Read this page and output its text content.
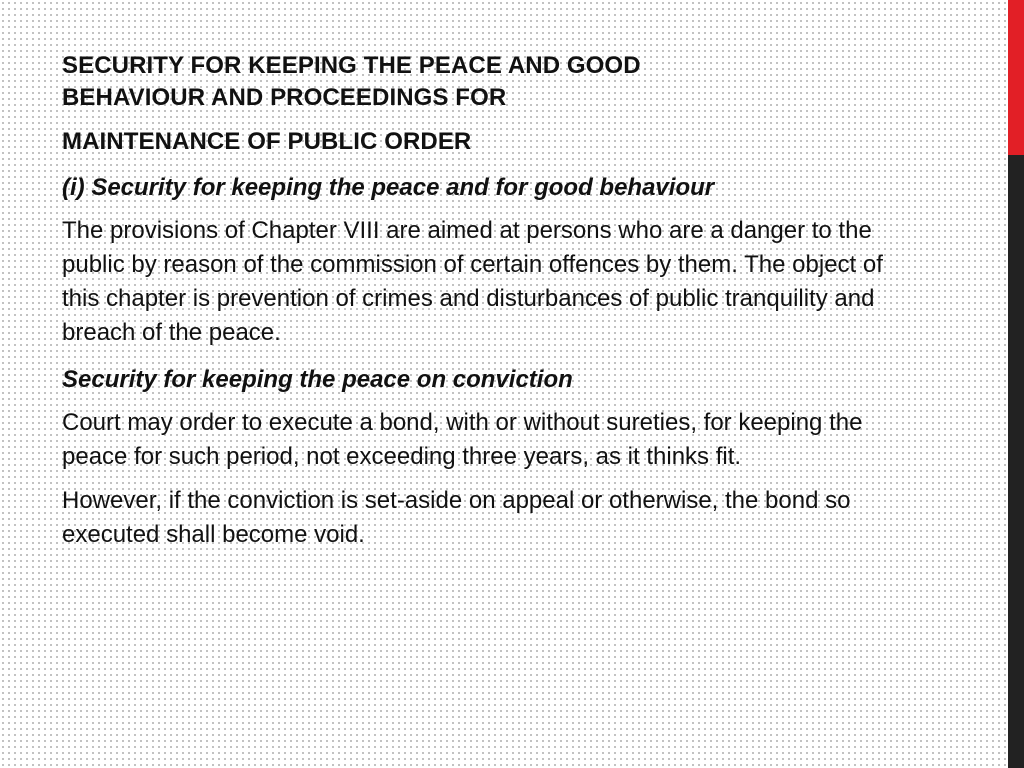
SECURITY FOR KEEPING THE PEACE AND GOOD
BEHAVIOUR AND PROCEEDINGS FOR
MAINTENANCE OF PUBLIC ORDER

(i) Security for keeping the peace and for good behaviour

The provisions of Chapter VIII are aimed at persons who are a danger to the public by reason of the commission of certain offences by them. The object of this chapter is prevention of crimes and disturbances of public tranquility and breach of the peace.

Security for keeping the peace on conviction

Court may order to execute a bond, with or without sureties, for keeping the peace for such period, not exceeding three years, as it thinks fit.

However, if the conviction is set-aside on appeal or otherwise, the bond so executed shall become void.
